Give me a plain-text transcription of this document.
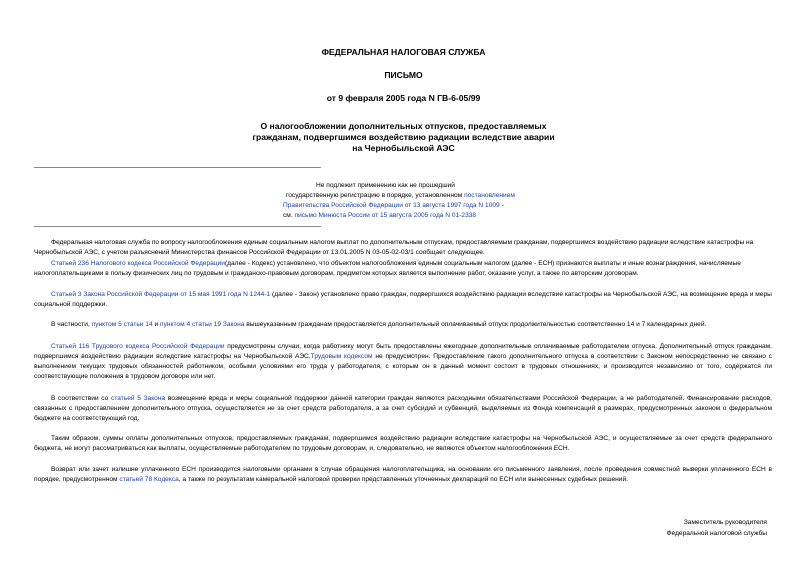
ФЕДЕРАЛЬНАЯ НАЛОГОВАЯ СЛУЖБА

ПИСЬМО

от 9 февраля 2005 года N ГВ-6-05/99

О налогообложении дополнительных отпусков, предоставляемых

гражданам, подвергшимся воздействию радиации вследствие аварии

на Чернобыльской АЭС

Не подлежит применению как не прошедший
государственную регистрацию в порядке, установленном постановлением
Правительства Российской Федерации от 13 августа 1997 года N 1009 -
см. письмо Минюста России от 15 августа 2005 года N 01-2338

Федеральная налоговая служба по вопросу налогообложения единым социальным налогом выплат по дополнительным отпускам, предоставляемым гражданам, подвергшимся воздействию радиации вследствие катастрофы на Чернобыльской АЭС, с учетом разъяснений Министерства финансов Российской Федерации от 13.01.2005 N 03-05-02-03/1 сообщает следующее.

Статьей 236 Налогового кодекса Российской Федерации(далее - Кодекс) установлено, что объектом налогообложения единым социальным налогом (далее - ЕСН) признаются выплаты и иные вознаграждения, начисляемые налогоплательщиками в пользу физических лиц по трудовым и гражданско-правовым договорам, предметом которых является выполнение работ, оказание услуг, а также по авторским договорам.

Статьей 3 Закона Российской Федерации от 15 мая 1991 года N 1244-1 (далее - Закон) установлено право граждан, подвергшихся воздействию радиации вследствие катастрофы на Чернобыльской АЭС, на возмещение вреда и меры социальной поддержки.

В частности, пунктом 5 статьи 14 и пунктом 4 статьи 19 Закона вышеуказанным гражданам предоставляется дополнительный оплачиваемый отпуск продолжительностью соответственно 14 и 7 календарных дней.

Статьей 116 Трудового кодекса Российской Федерации предусмотрены случаи, когда работнику могут быть предоставлены ежегодные дополнительные оплачиваемые работодателем отпуска. Дополнительный отпуск гражданам, подвергшимся воздействию радиации вследствие катастрофы на Чернобыльской АЭС,Трудовым кодексом не предусмотрен. Предоставление такого дополнительного отпуска в соответствии с Законом непосредственно не связано с выполнением текущих трудовых обязанностей работником, особыми условиями его труда у работодателя, с которым он в данный момент состоит в трудовых отношениях, и производится независимо от того, содержатся ли соответствующие положения в трудовом договоре или нет.

В соответствии со статьей 5 Закона возмещение вреда и меры социальной поддержки данной категории граждан являются расходными обязательствами Российской Федерации, а не работодателей. Финансирование расходов, связанных с предоставлением дополнительного отпуска, осуществляется не за счет средств работодателя, а за счет субсидий и субвенций, выделяемых из Фонда компенсаций в размерах, предусмотренных законом о федеральном бюджете на соответствующий год.

Таким образом, суммы оплаты дополнительных отпусков, предоставляемых гражданам, подвергшимся воздействию радиации вследствие катастрофы на Чернобыльской АЭС, и осуществляемые за счет средств федерального бюджета, не могут рассматриваться как выплаты, осуществляемые работодателем по трудовым договорам, и, следовательно, не являются объектом налогообложения ЕСН.

Возврат или зачет излишне уплаченного ЕСН производится налоговыми органами в случае обращения налогоплательщика, на основании его письменного заявления, после проведения совместной выверки уплаченного ЕСН в порядке, предусмотренном статьей 78 Кодекса, а также по результатам камеральной налоговой проверки представленных уточненных деклараций по ЕСН или вынесенных судебных решений.

Заместитель руководителя
Федеральной налоговой службы
